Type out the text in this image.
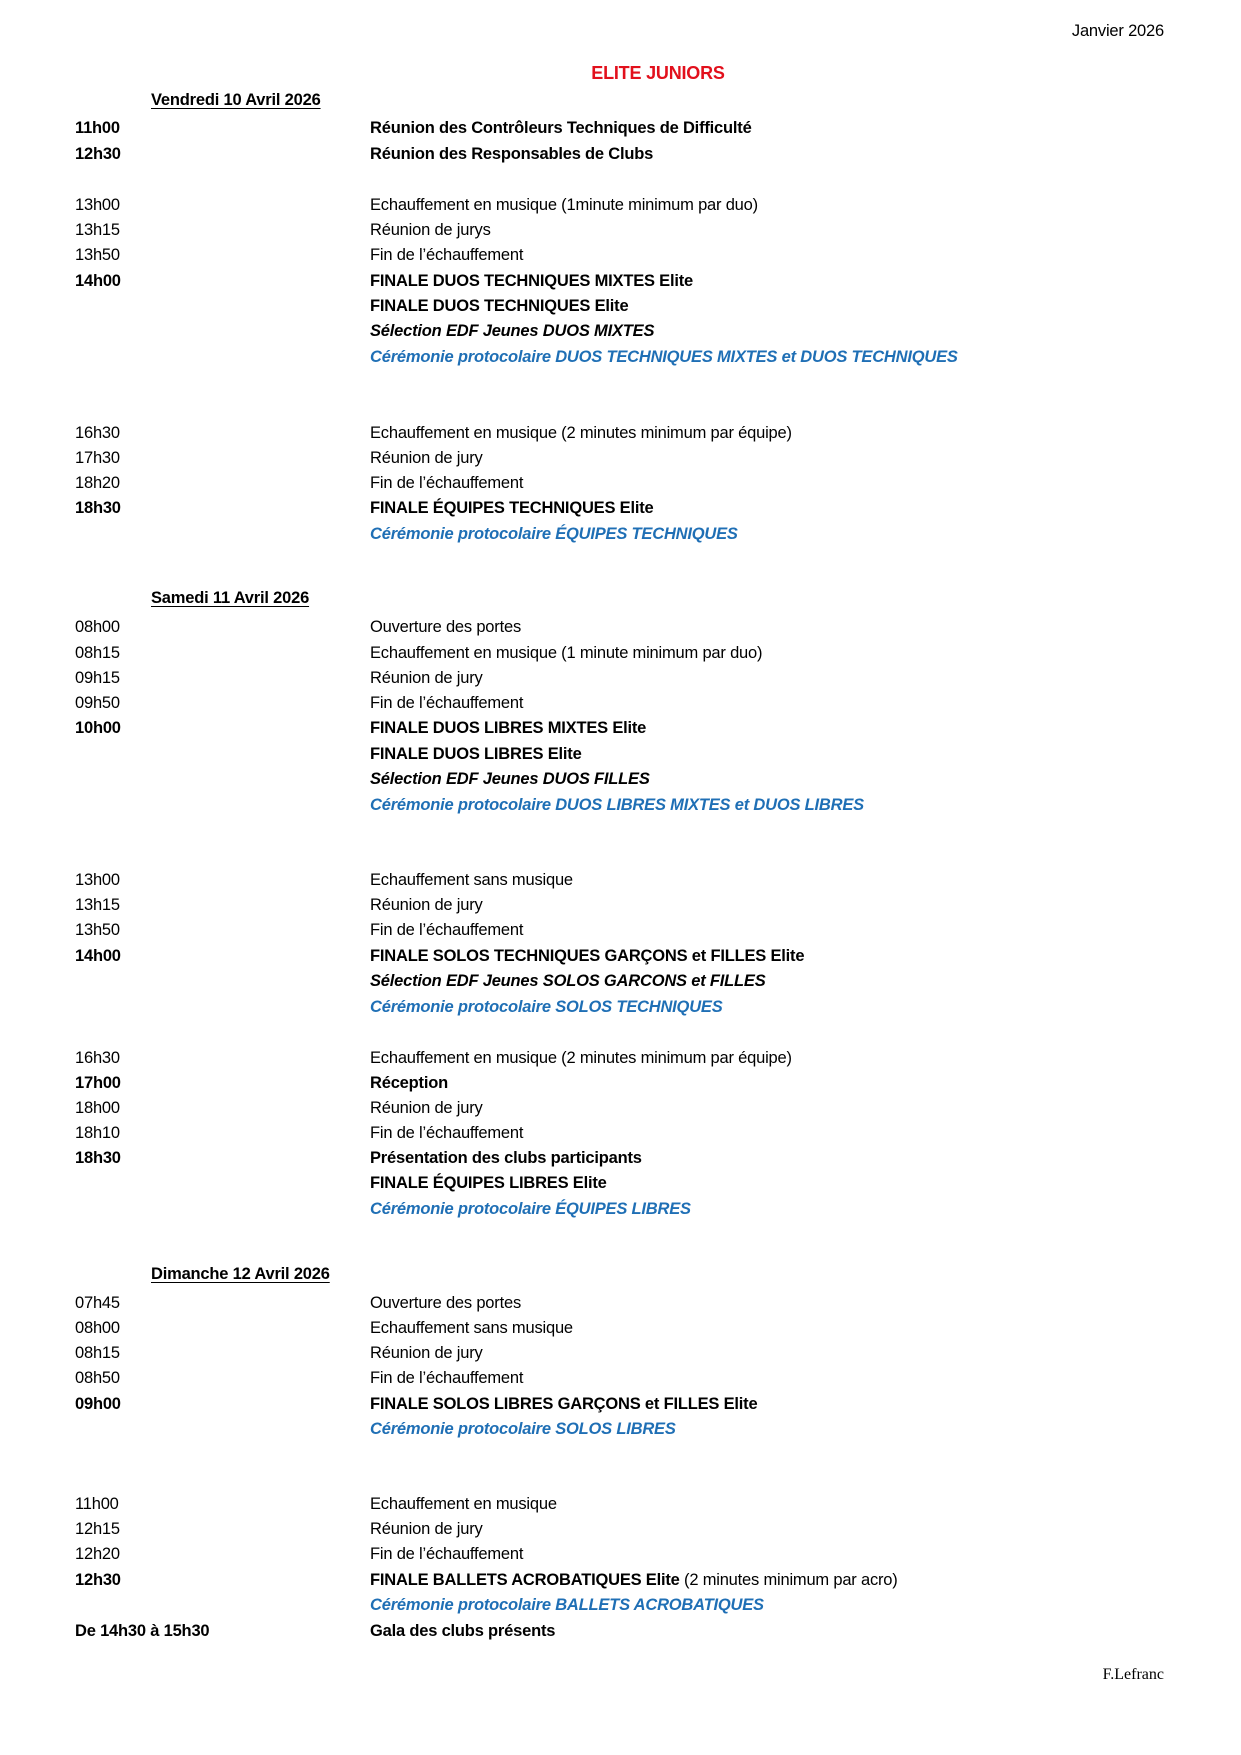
Janvier 2026
ELITE JUNIORS
Vendredi 10 Avril 2026
11h00	Réunion des Contrôleurs Techniques de Difficulté
12h30	Réunion des Responsables de Clubs
13h00	Echauffement en musique (1minute minimum par duo)
13h15	Réunion de jurys
13h50	Fin de l’échauffement
14h00	FINALE DUOS TECHNIQUES MIXTES Elite
FINALE DUOS TECHNIQUES Elite
Sélection EDF Jeunes DUOS MIXTES
Cérémonie protocolaire DUOS TECHNIQUES MIXTES et DUOS TECHNIQUES
16h30	Echauffement en musique (2 minutes minimum par équipe)
17h30	Réunion de jury
18h20	Fin de l’échauffement
18h30	FINALE ÉQUIPES TECHNIQUES Elite
Cérémonie protocolaire ÉQUIPES TECHNIQUES
Samedi 11 Avril 2026
08h00	Ouverture des portes
08h15	Echauffement en musique (1 minute minimum par duo)
09h15	Réunion de jury
09h50	Fin de l’échauffement
10h00	FINALE DUOS LIBRES MIXTES Elite
FINALE DUOS LIBRES Elite
Sélection EDF Jeunes DUOS FILLES
Cérémonie protocolaire DUOS LIBRES MIXTES et DUOS LIBRES
13h00	Echauffement sans musique
13h15	Réunion de jury
13h50	Fin de l’échauffement
14h00	FINALE SOLOS TECHNIQUES GARÇONS et FILLES Elite
Sélection EDF Jeunes SOLOS GARCONS et FILLES
Cérémonie protocolaire SOLOS TECHNIQUES
16h30	Echauffement en musique (2 minutes minimum par équipe)
17h00	Réception
18h00	Réunion de jury
18h10	Fin de l’échauffement
18h30	Présentation des clubs participants
FINALE ÉQUIPES LIBRES Elite
Cérémonie protocolaire ÉQUIPES LIBRES
Dimanche 12 Avril 2026
07h45	Ouverture des portes
08h00	Echauffement sans musique
08h15	Réunion de jury
08h50	Fin de l’échauffement
09h00	FINALE SOLOS LIBRES GARÇONS et FILLES Elite
Cérémonie protocolaire SOLOS LIBRES
11h00	Echauffement en musique
12h15	Réunion de jury
12h20	Fin de l’échauffement
12h30	FINALE BALLETS ACROBATIQUES Elite (2 minutes minimum par acro)
Cérémonie protocolaire BALLETS ACROBATIQUES
De 14h30 à 15h30	Gala des clubs présents
F.Lefranc
